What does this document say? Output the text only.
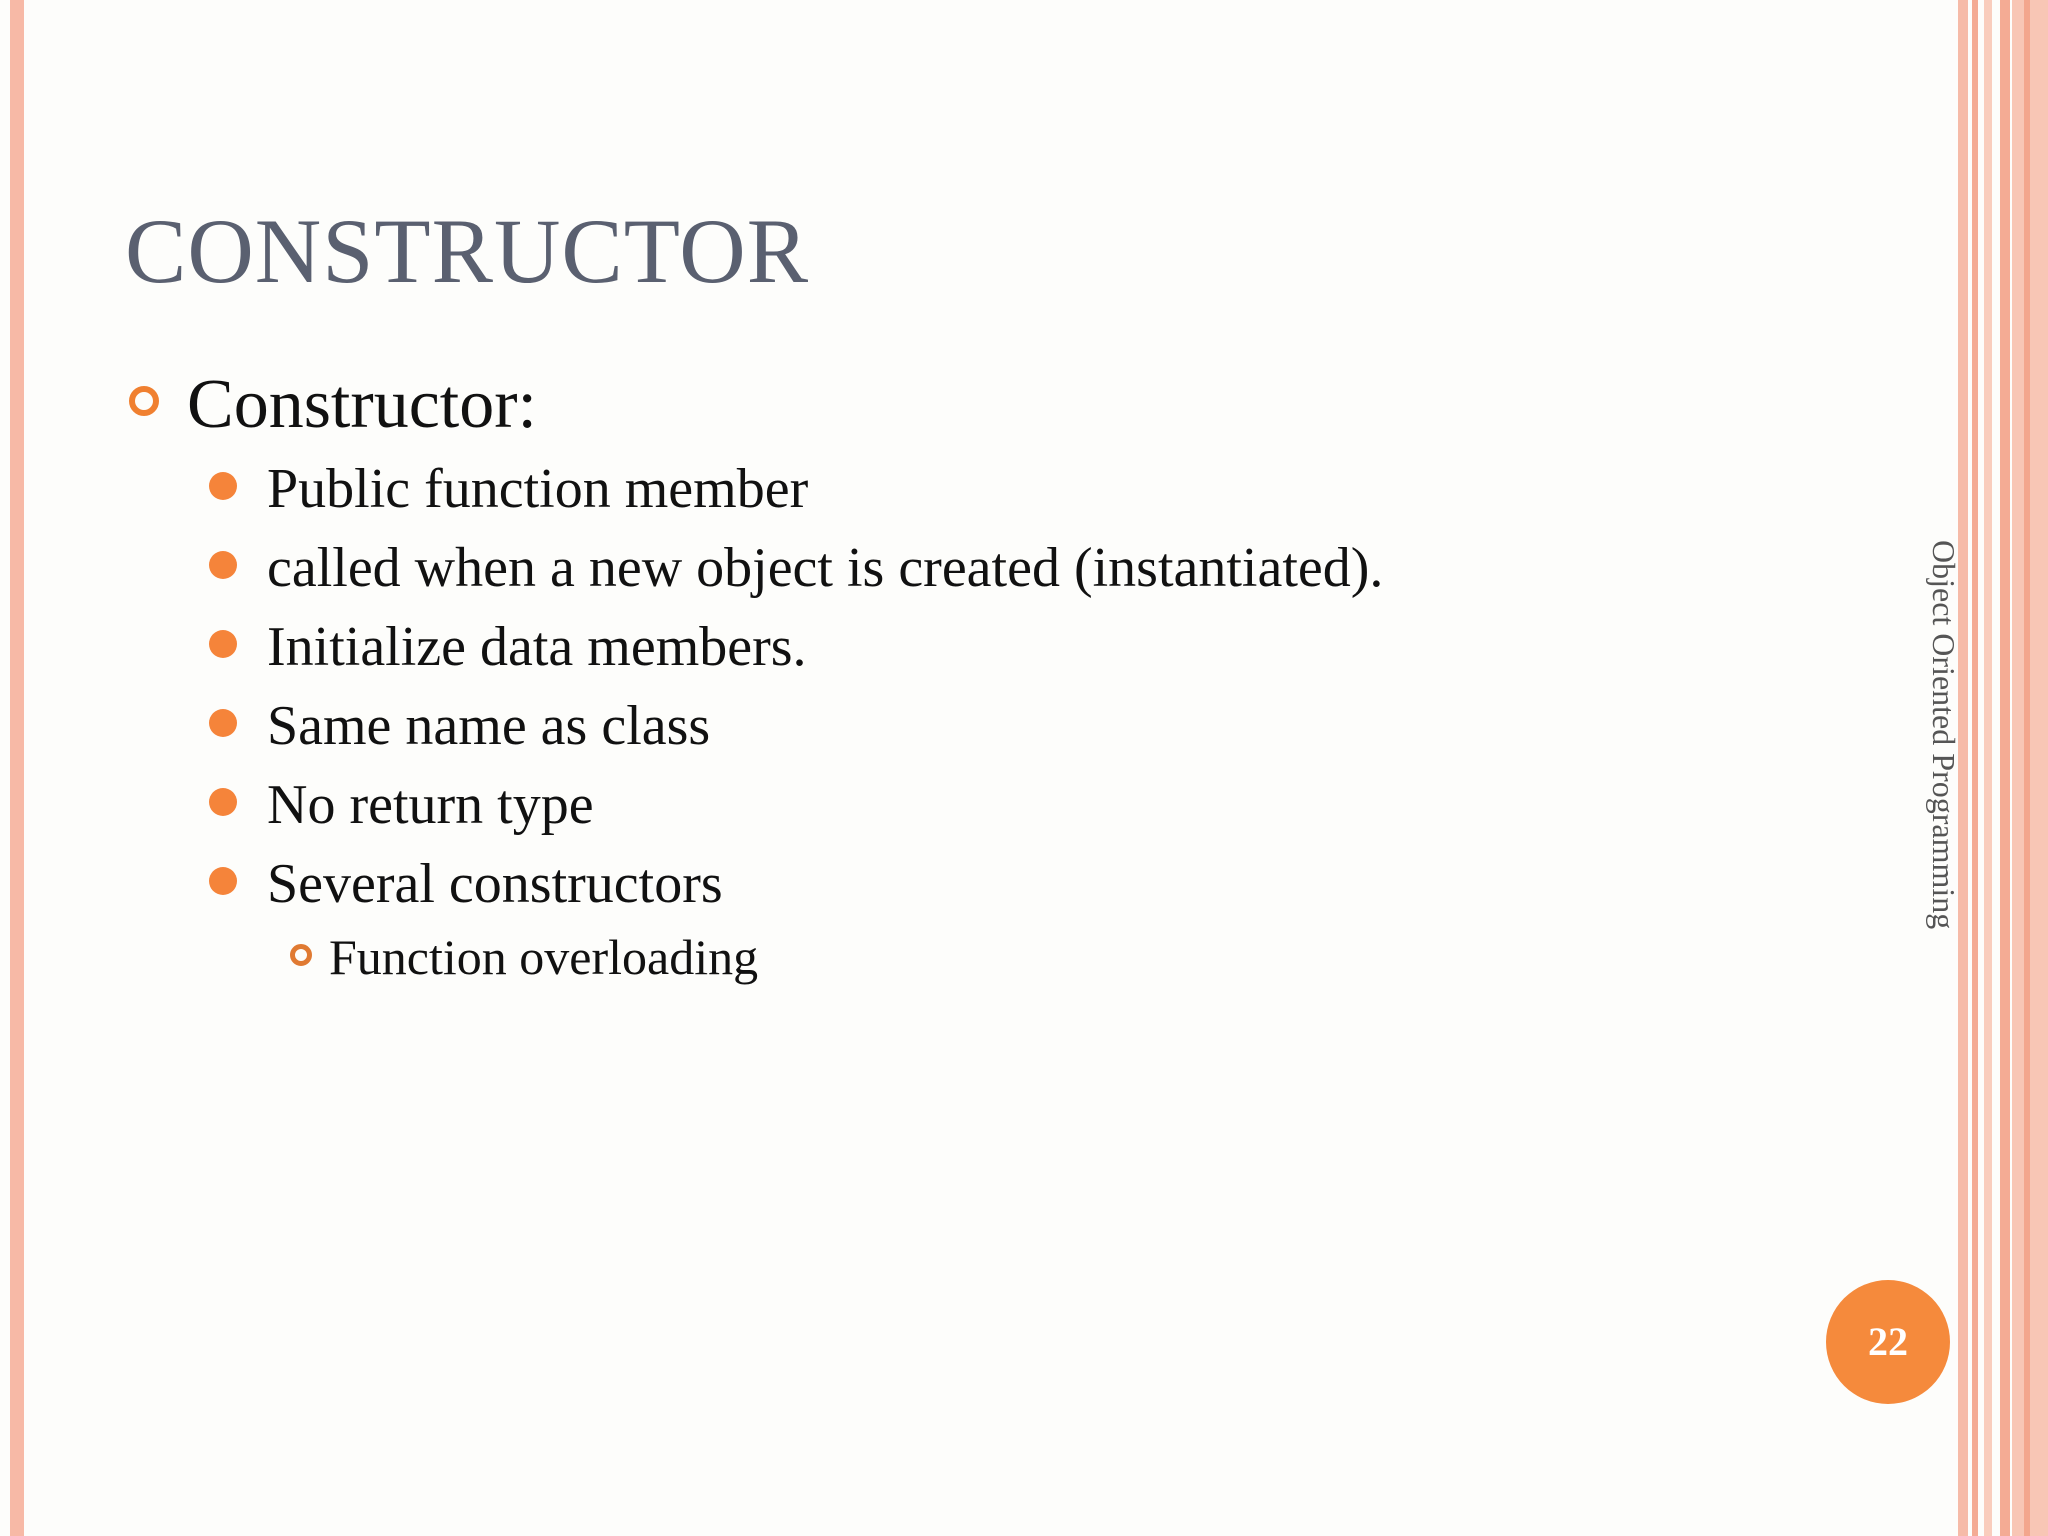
CONSTRUCTOR
Constructor:
Public function member
called when a new object is created (instantiated).
Initialize data members.
Same name as class
No return type
Several constructors
Function overloading
Object Oriented Programming
22
